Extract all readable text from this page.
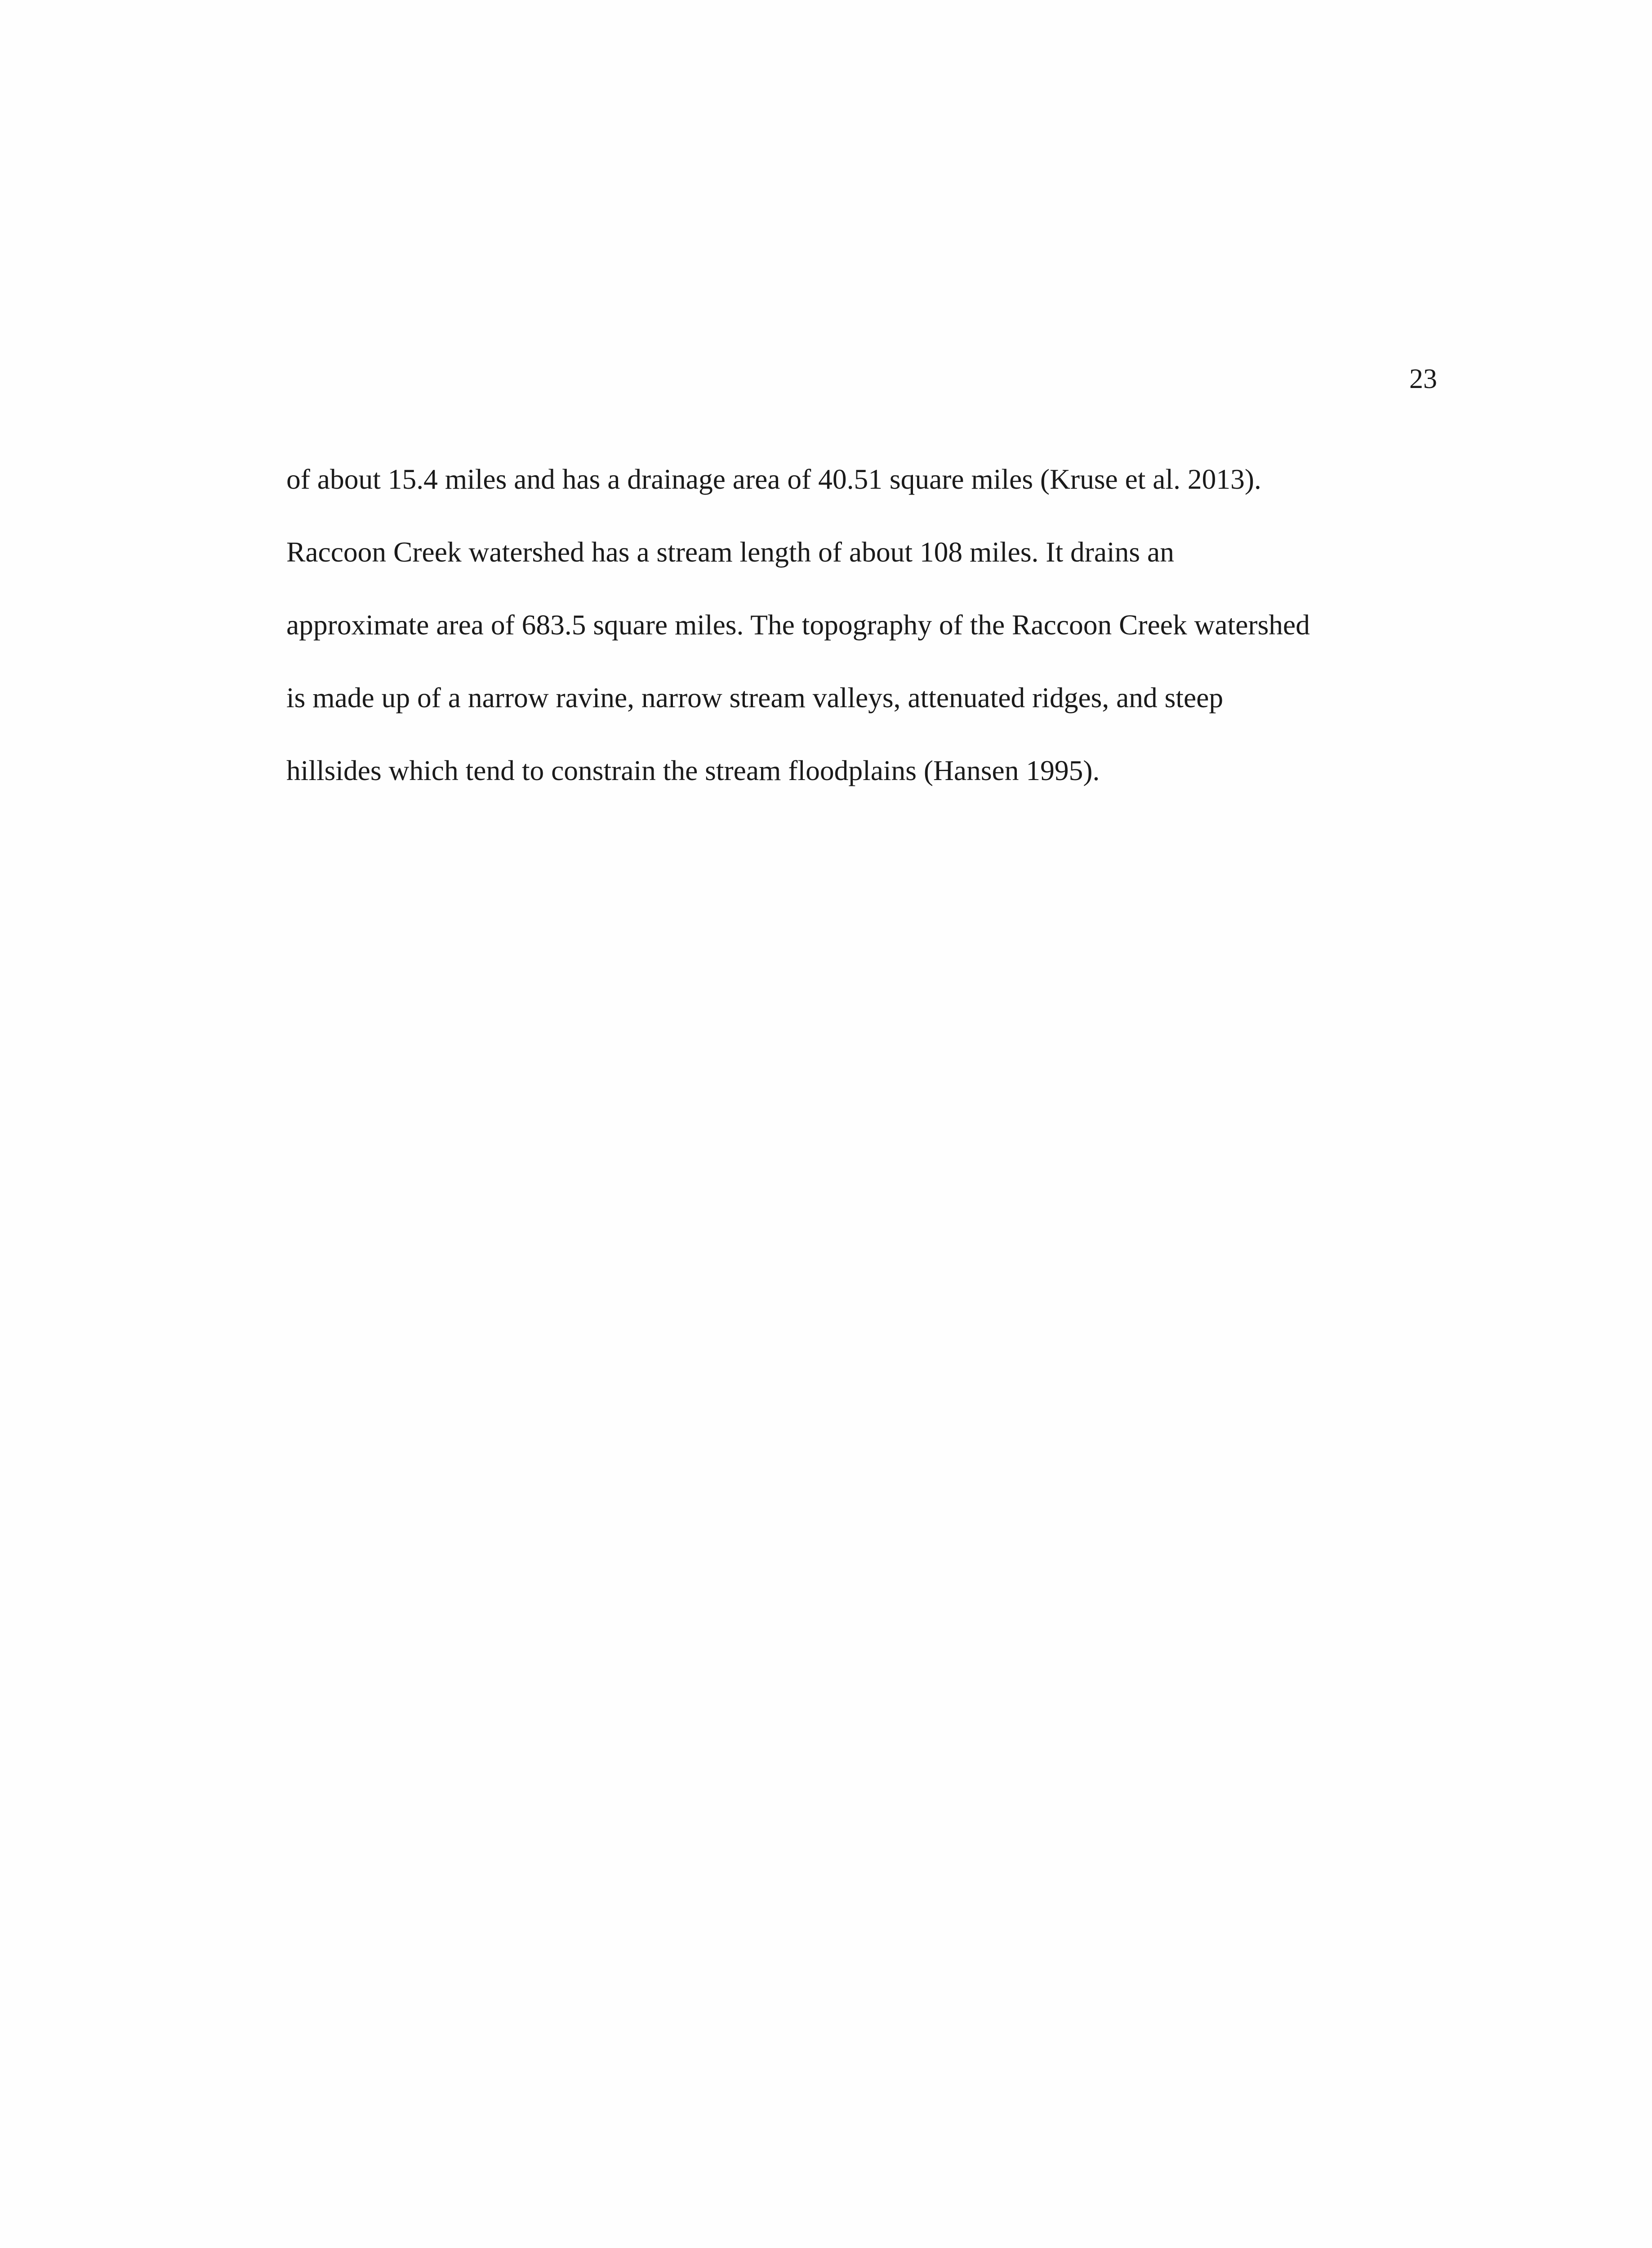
23
of about 15.4 miles and has a drainage area of 40.51 square miles (Kruse et al. 2013).
Raccoon Creek watershed has a stream length of about 108 miles. It drains an
approximate area of 683.5 square miles. The topography of the Raccoon Creek watershed
is made up of a narrow ravine, narrow stream valleys, attenuated ridges, and steep
hillsides which tend to constrain the stream floodplains (Hansen 1995).
